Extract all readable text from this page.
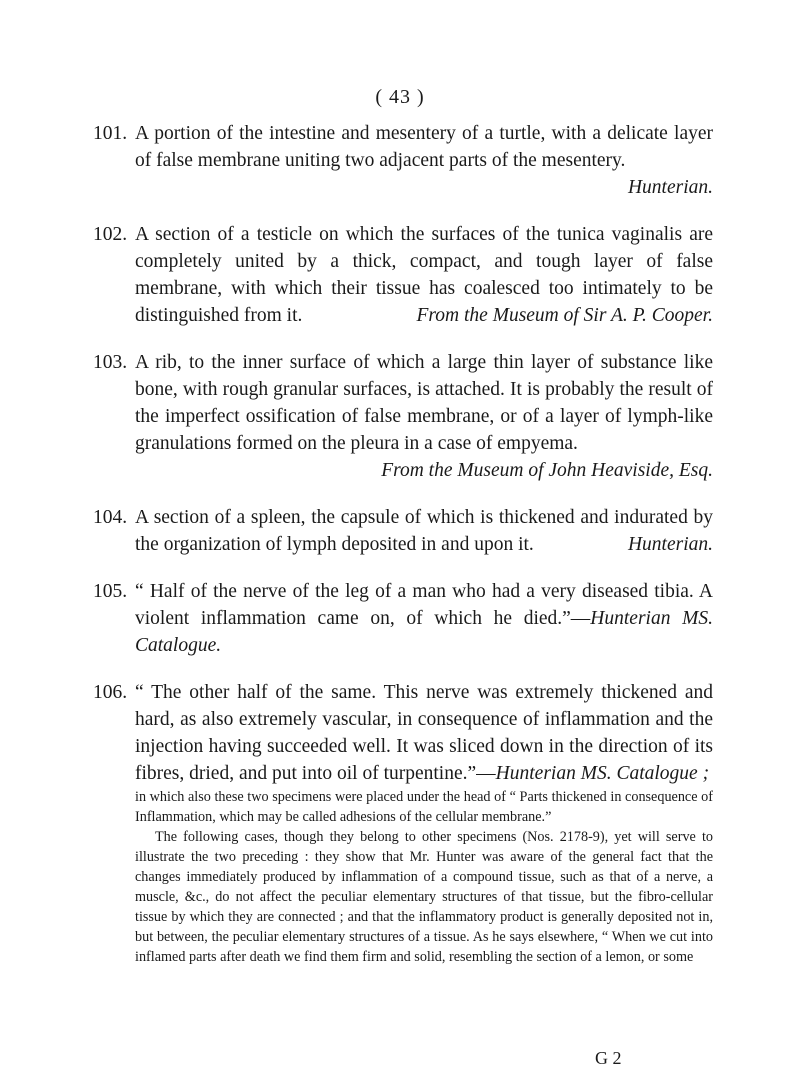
( 43 )

101. A portion of the intestine and mesentery of a turtle, with a delicate layer of false membrane uniting two adjacent parts of the mesentery.
Hunterian.

102. A section of a testicle on which the surfaces of the tunica vaginalis are completely united by a thick, compact, and tough layer of false membrane, with which their tissue has coalesced too intimately to be distinguished from it.	From the Museum of Sir A. P. Cooper.

103. A rib, to the inner surface of which a large thin layer of substance like bone, with rough granular surfaces, is attached. It is probably the result of the imperfect ossification of false membrane, or of a layer of lymph-like granulations formed on the pleura in a case of empyema.
From the Museum of John Heaviside, Esq.

104. A section of a spleen, the capsule of which is thickened and indurated by the organization of lymph deposited in and upon it.	Hunterian.

105. “ Half of the nerve of the leg of a man who had a very diseased tibia. A violent inflammation came on, of which he died.”—Hunterian MS. Catalogue.

106. “ The other half of the same. This nerve was extremely thickened and hard, as also extremely vascular, in consequence of inflammation and the injection having succeeded well. It was sliced down in the direction of its fibres, dried, and put into oil of turpentine.”—Hunterian MS. Catalogue ;

in which also these two specimens were placed under the head of “ Parts thickened in consequence of Inflammation, which may be called adhesions of the cellular membrane.”

The following cases, though they belong to other specimens (Nos. 2178-9), yet will serve to illustrate the two preceding : they show that Mr. Hunter was aware of the general fact that the changes immediately produced by inflammation of a compound tissue, such as that of a nerve, a muscle, &c., do not affect the peculiar elementary structures of that tissue, but the fibro-cellular tissue by which they are connected ; and that the inflammatory product is generally deposited not in, but between, the peculiar elementary structures of a tissue. As he says elsewhere, “ When we cut into inflamed parts after death we find them firm and solid, resembling the section of a lemon, or some

G 2
